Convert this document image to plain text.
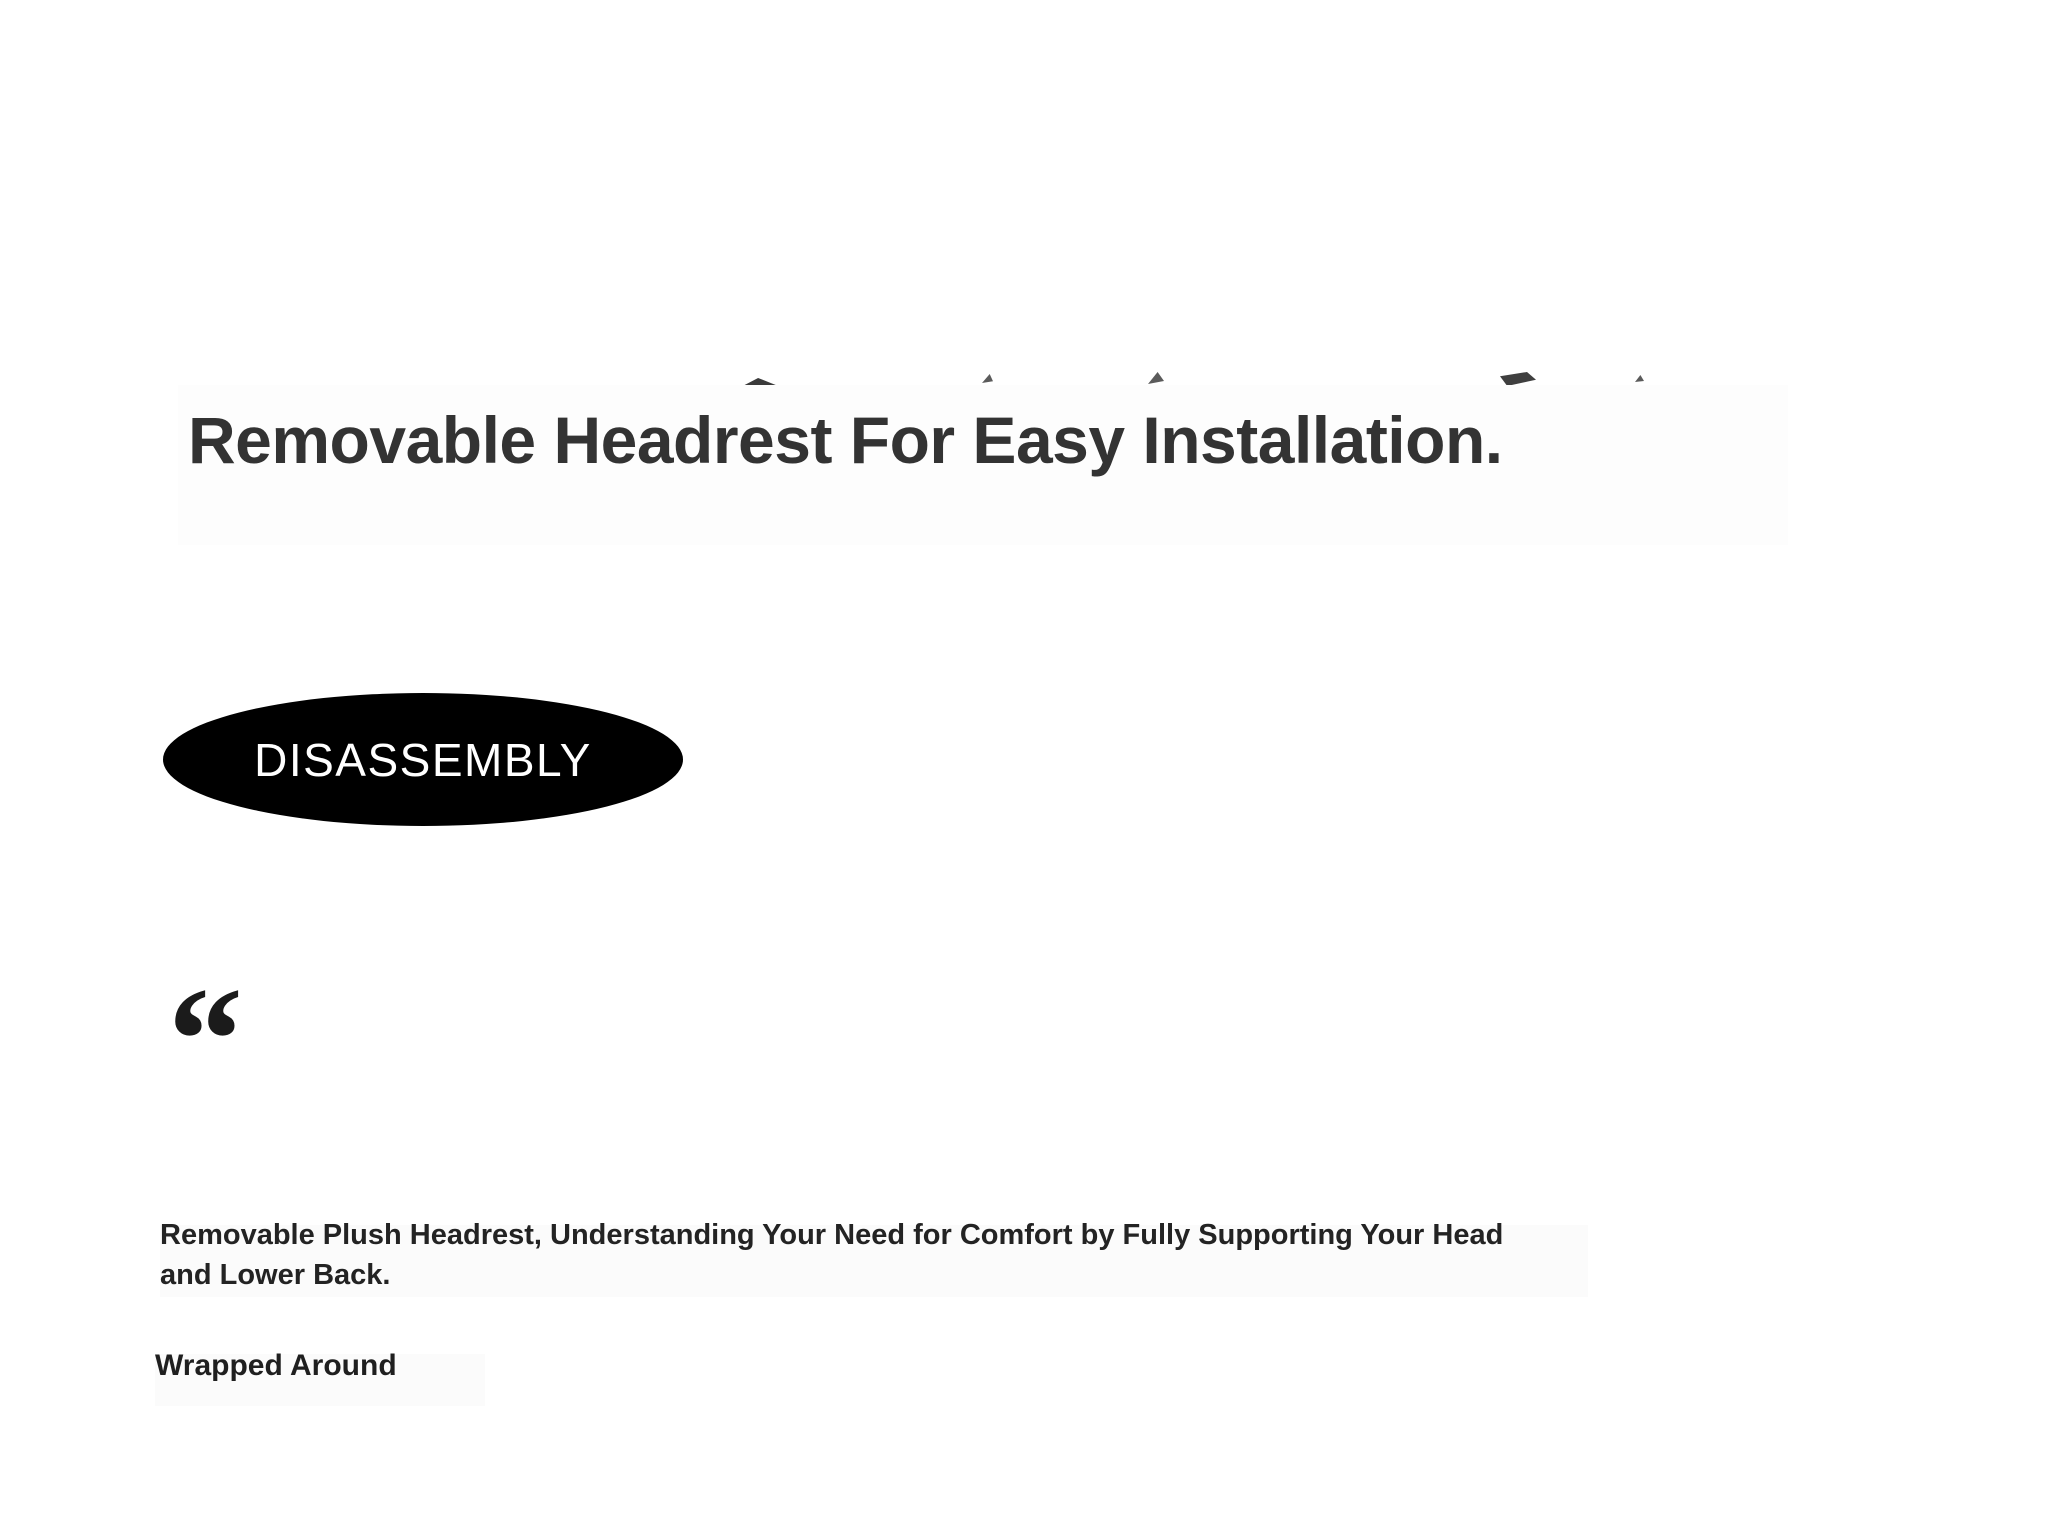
Removable Headrest For Easy Installation.
DISASSEMBLY
“
Removable Plush Headrest, Understanding Your Need for Comfort by Fully Supporting Your Head and Lower Back.
Wrapped Around
